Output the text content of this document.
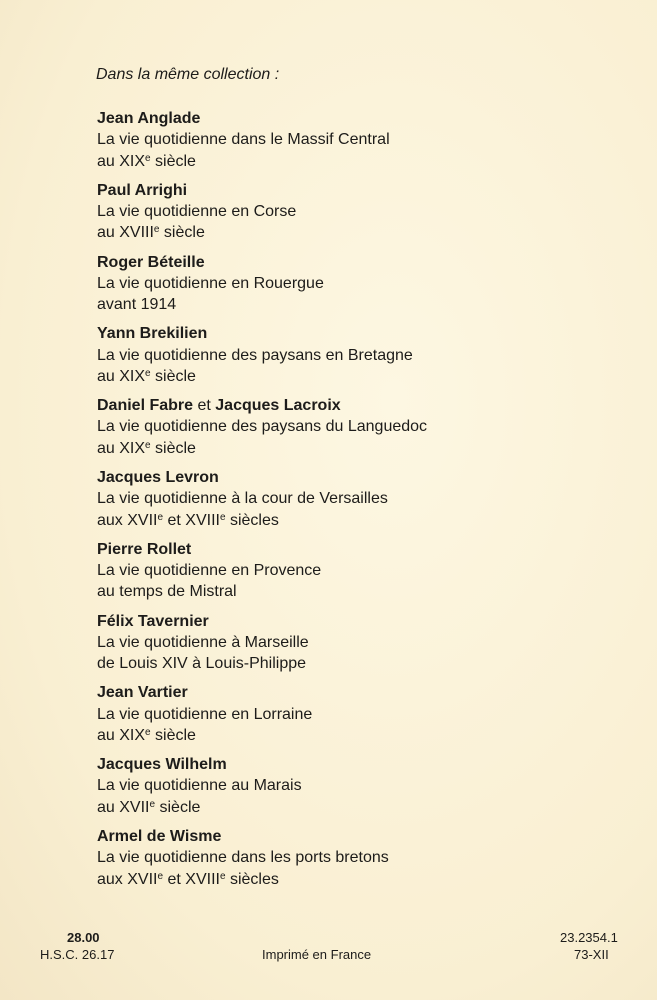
Dans la même collection :
Jean Anglade
La vie quotidienne dans le Massif Central
au XIXe siècle
Paul Arrighi
La vie quotidienne en Corse
au XVIIIe siècle
Roger Béteille
La vie quotidienne en Rouergue
avant 1914
Yann Brekilien
La vie quotidienne des paysans en Bretagne
au XIXe siècle
Daniel Fabre et Jacques Lacroix
La vie quotidienne des paysans du Languedoc
au XIXe siècle
Jacques Levron
La vie quotidienne à la cour de Versailles
aux XVIIe et XVIIIe siècles
Pierre Rollet
La vie quotidienne en Provence
au temps de Mistral
Félix Tavernier
La vie quotidienne à Marseille
de Louis XIV à Louis-Philippe
Jean Vartier
La vie quotidienne en Lorraine
au XIXe siècle
Jacques Wilhelm
La vie quotidienne au Marais
au XVIIe siècle
Armel de Wisme
La vie quotidienne dans les ports bretons
aux XVIIe et XVIIIe siècles
28.00
H.S.C. 26.17	Imprimé en France
23.2354.1
73-XII
